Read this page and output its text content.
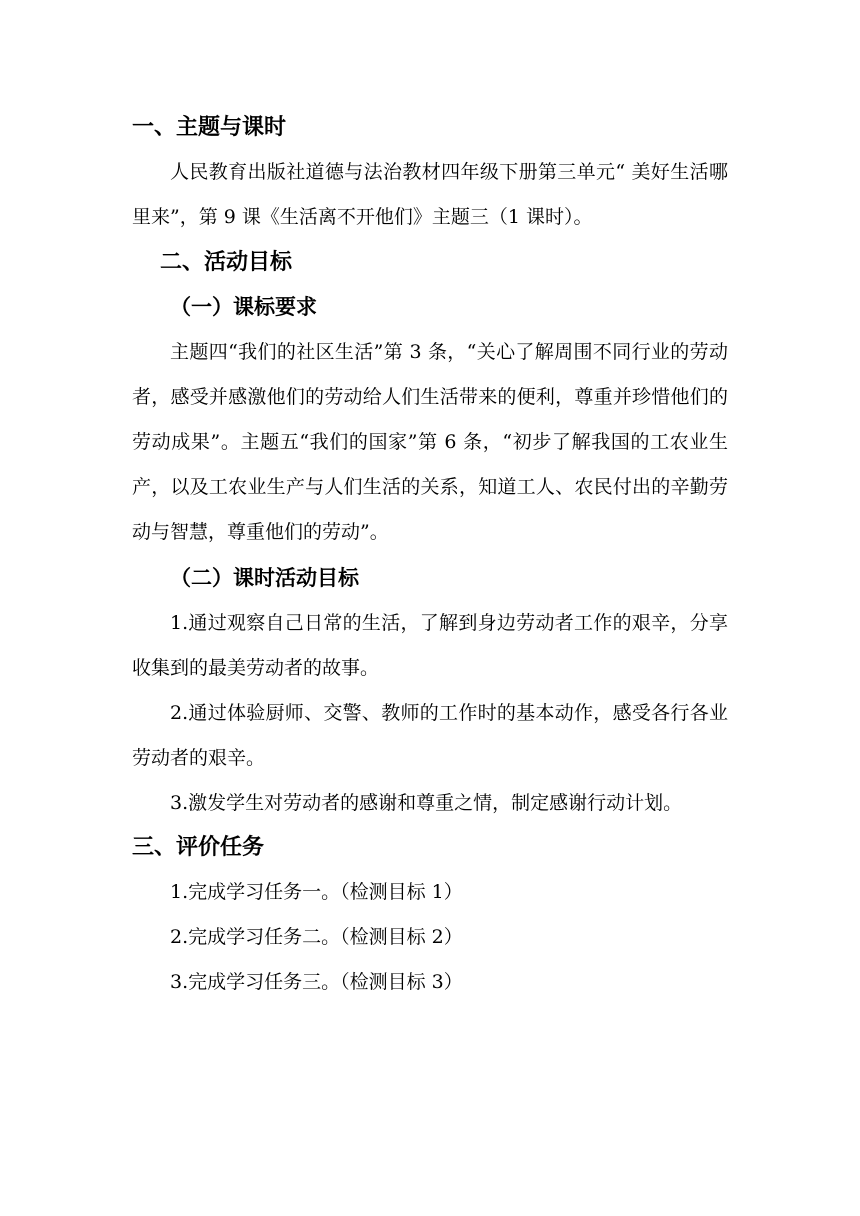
一、主题与课时
人民教育出版社道德与法治教材四年级下册第三单元“ 美好生活哪里来”，第 9 课《生活离不开他们》主题三（1 课时）。
二、活动目标
（一）课标要求
主题四“我们的社区生活”第 3 条，“关心了解周围不同行业的劳动者，感受并感激他们的劳动给人们生活带来的便利，尊重并珍惜他们的劳动成果”。主题五“我们的国家”第 6 条，“初步了解我国的工农业生产，以及工农业生产与人们生活的关系，知道工人、农民付出的辛勤劳动与智慧，尊重他们的劳动”。
（二）课时活动目标
1.通过观察自己日常的生活，了解到身边劳动者工作的艰辛，分享收集到的最美劳动者的故事。
2.通过体验厨师、交警、教师的工作时的基本动作，感受各行各业劳动者的艰辛。
3.激发学生对劳动者的感谢和尊重之情，制定感谢行动计划。
三、评价任务
1.完成学习任务一。（检测目标 1）
2.完成学习任务二。（检测目标 2）
3.完成学习任务三。（检测目标 3）
